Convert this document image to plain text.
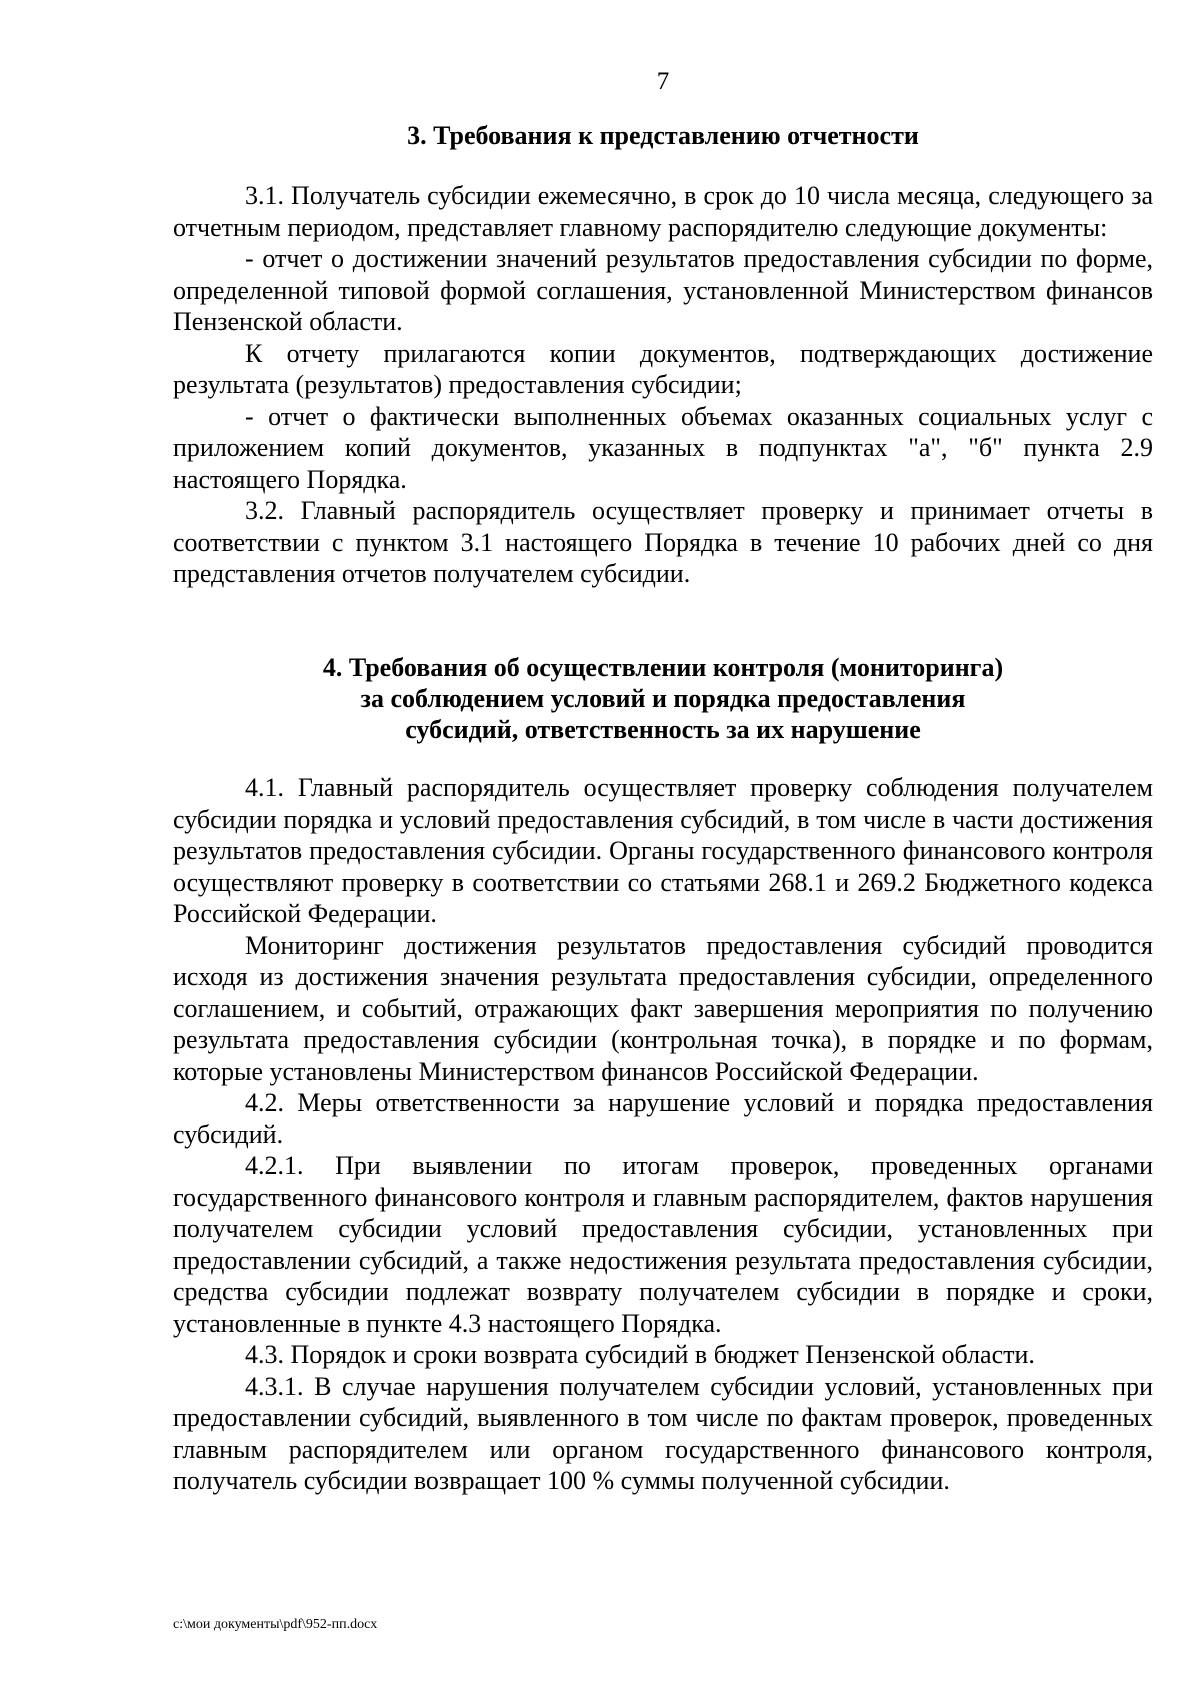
7
3. Требования к представлению отчетности

3.1. Получатель субсидии ежемесячно, в срок до 10 числа месяца, следующего за отчетным периодом, представляет главному распорядителю следующие документы:

- отчет о достижении значений результатов предоставления субсидии по форме, определенной типовой формой соглашения, установленной Министерством финансов Пензенской области.

К отчету прилагаются копии документов, подтверждающих достижение результата (результатов) предоставления субсидии;

- отчет о фактически выполненных объемах оказанных социальных услуг с приложением копий документов, указанных в подпунктах "а", "б" пункта 2.9 настоящего Порядка.

3.2. Главный распорядитель осуществляет проверку и принимает отчеты в соответствии с пунктом 3.1 настоящего Порядка в течение 10 рабочих дней со дня представления отчетов получателем субсидии.

4. Требования об осуществлении контроля (мониторинга)
за соблюдением условий и порядка предоставления
субсидий, ответственность за их нарушение

4.1. Главный распорядитель осуществляет проверку соблюдения получателем субсидии порядка и условий предоставления субсидий, в том числе в части достижения результатов предоставления субсидии. Органы государственного финансового контроля осуществляют проверку в соответствии со статьями 268.1 и 269.2 Бюджетного кодекса Российской Федерации.

Мониторинг достижения результатов предоставления субсидий проводится исходя из достижения значения результата предоставления субсидии, определенного соглашением, и событий, отражающих факт завершения мероприятия по получению результата предоставления субсидии (контрольная точка), в порядке и по формам, которые установлены Министерством финансов Российской Федерации.

4.2. Меры ответственности за нарушение условий и порядка предоставления субсидий.

4.2.1. При выявлении по итогам проверок, проведенных органами государственного финансового контроля и главным распорядителем, фактов нарушения получателем субсидии условий предоставления субсидии, установленных при предоставлении субсидий, а также недостижения результата предоставления субсидии, средства субсидии подлежат возврату получателем субсидии в порядке и сроки, установленные в пункте 4.3 настоящего Порядка.

4.3. Порядок и сроки возврата субсидий в бюджет Пензенской области.

4.3.1. В случае нарушения получателем субсидии условий, установленных при предоставлении субсидий, выявленного в том числе по фактам проверок, проведенных главным распорядителем или органом государственного финансового контроля, получатель субсидии возвращает 100 % суммы полученной субсидии.

c:\мои документы\pdf\952-пп.docx
